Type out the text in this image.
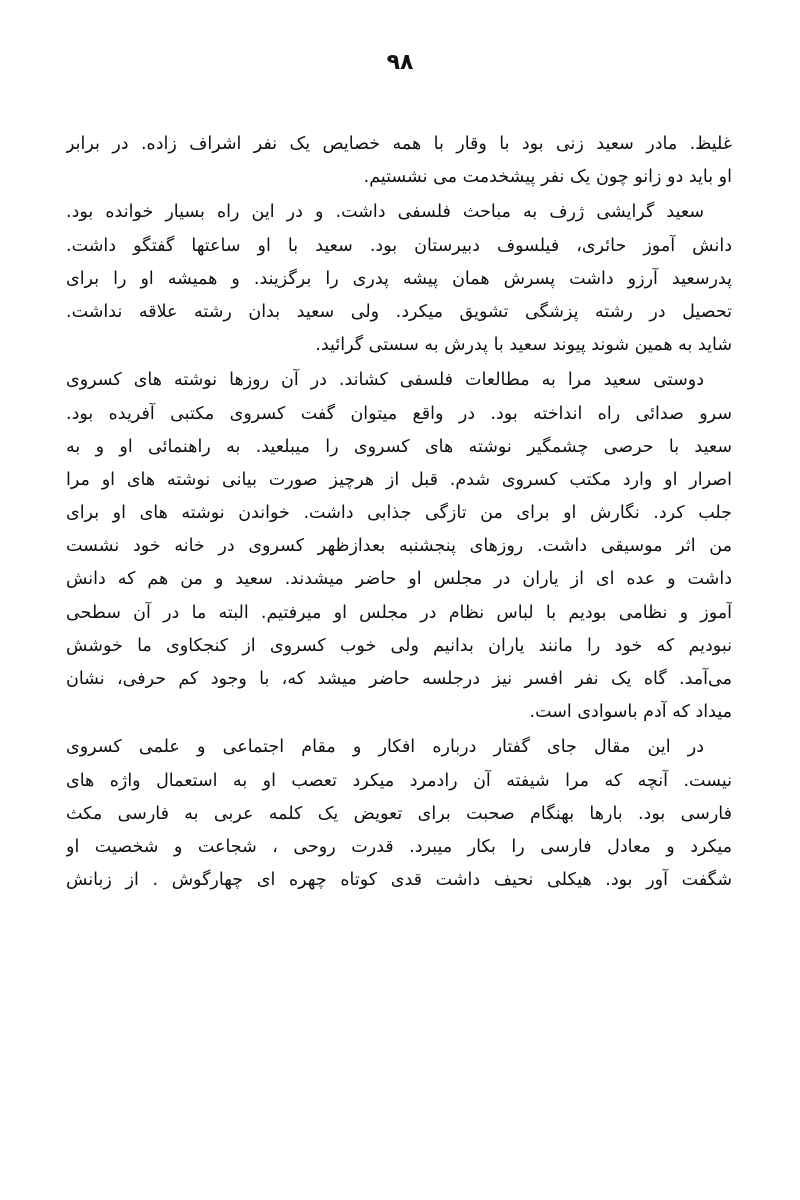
۹۸
غلیظ. مادر سعید زنی بود با وقار با همه خصایص یک نفر اشراف زاده. در برابر
او باید دو زانو چون یک نفر پیشخدمت می نشستیم.
سعید گرایشی ژرف به مباحث فلسفی داشت. و در این راه بسیار خوانده بود.
دانش آموز حائری، فیلسوف دبیرستان بود. سعید با او ساعتها گفتگو داشت.
پدرسعید آرزو داشت پسرش همان پیشه پدری را برگزیند. و همیشه او را برای
تحصیل در رشته پزشگی تشویق میکرد. ولی سعید بدان رشته علاقه نداشت.
شاید به همین شوند پیوند سعید با پدرش به سستی گرائید.
دوستی سعید مرا به مطالعات فلسفی کشاند. در آن روزها نوشته های کسروی
سرو صدائی راه انداخته بود. در واقع میتوان گفت کسروی مکتبی آفریده بود.
سعید با حرصی چشمگیر نوشته های کسروی را میبلعید. به راهنمائی او و به
اصرار او وارد مکتب کسروی شدم. قبل از هرچیز صورت بیانی نوشته های او مرا
جلب کرد. نگارش او برای من تازگی جذابی داشت. خواندن نوشته های او برای
من اثر موسیقی داشت. روزهای پنجشنبه بعدازظهر کسروی در خانه خود نشست
داشت و عده ای از یاران در مجلس او حاضر میشدند. سعید و من هم که دانش
آموز و نظامی بودیم با لباس نظام در مجلس او میرفتیم. البته ما در آن سطحی
نبودیم که خود را مانند یاران بدانیم ولی خوب کسروی از کنجکاوی ما خوشش
می‌آمد. گاه یک نفر افسر نیز درجلسه حاضر میشد که، با وجود کم حرفی، نشان
میداد که آدم باسوادی است.
در این مقال جای گفتار درباره افکار و مقام اجتماعی و علمی کسروی
نیست. آنچه که مرا شیفته آن رادمرد میکرد تعصب او به استعمال واژه های
فارسی بود. بارها بهنگام صحبت برای تعویض یک کلمه عربی به فارسی مکث
میکرد و معادل فارسی را بکار میبرد. قدرت روحی ، شجاعت و شخصیت او
شگفت آور بود. هیکلی نحیف داشت قدی کوتاه چهره ای چهارگوش . از زبانش
